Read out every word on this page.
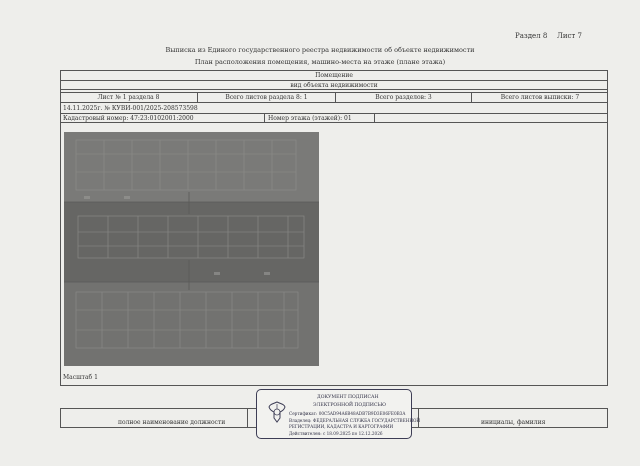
Раздел 8 Лист 7
Выписка из Единого государственного реестра недвижимости об объекте недвижимости
План расположения помещения, машино-места на этаже (плане этажа)
Помещение
вид объекта недвижимости
Лист № 1 раздела 8	Всего листов раздела 8: 1	Всего разделов: 3	Всего листов выписки: 7
14.11.2025г. № КУВИ-001/2025-208573598
Кадастровый номер: 47:23:0102001:2000	Номер этажа (этажей): 01
Масштаб 1
полное наименование должности	инициалы, фамилия
ДОКУМЕНТ ПОДПИСАН
ЭЛЕКТРОННОЙ ПОДПИСЬЮ
Сертификат: 00C5AD94A6B48ADB7B9D3E06FE0B3A
Владелец: ФЕДЕРАЛЬНАЯ СЛУЖБА ГОСУДАРСТВЕННОЙ
РЕГИСТРАЦИИ, КАДАСТРА И КАРТОГРАФИИ
Действителен: с 18.09.2025 по 12.12.2026
